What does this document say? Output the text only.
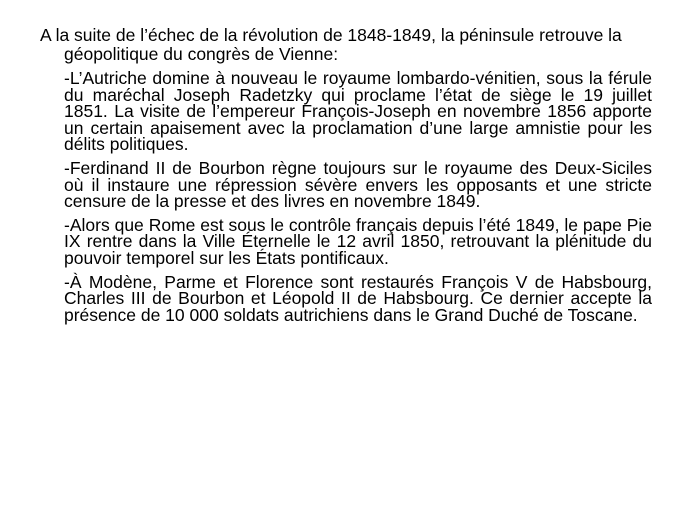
A la suite de l’échec de la révolution de 1848-1849, la péninsule retrouve la géopolitique du congrès de Vienne:

-L’Autriche domine à nouveau le royaume lombardo-vénitien, sous la férule du maréchal Joseph Radetzky qui proclame l’état de siège le 19 juillet 1851. La visite de l’empereur François-Joseph en novembre 1856 apporte un certain apaisement avec la proclamation d’une large amnistie pour les délits politiques.
-Ferdinand II de Bourbon règne toujours sur le royaume des Deux-Siciles où il instaure une répression sévère envers les opposants et une stricte censure de la presse et des livres en novembre 1849.
-Alors que Rome est sous le contrôle français depuis l’été 1849, le pape Pie IX rentre dans la Ville Éternelle le 12 avril 1850, retrouvant la plénitude du pouvoir temporel sur les États pontificaux.
-À Modène, Parme et Florence sont restaurés François V de Habsbourg, Charles III de Bourbon et Léopold II de Habsbourg. Ce dernier accepte la présence de 10 000 soldats autrichiens dans le Grand Duché de Toscane.
